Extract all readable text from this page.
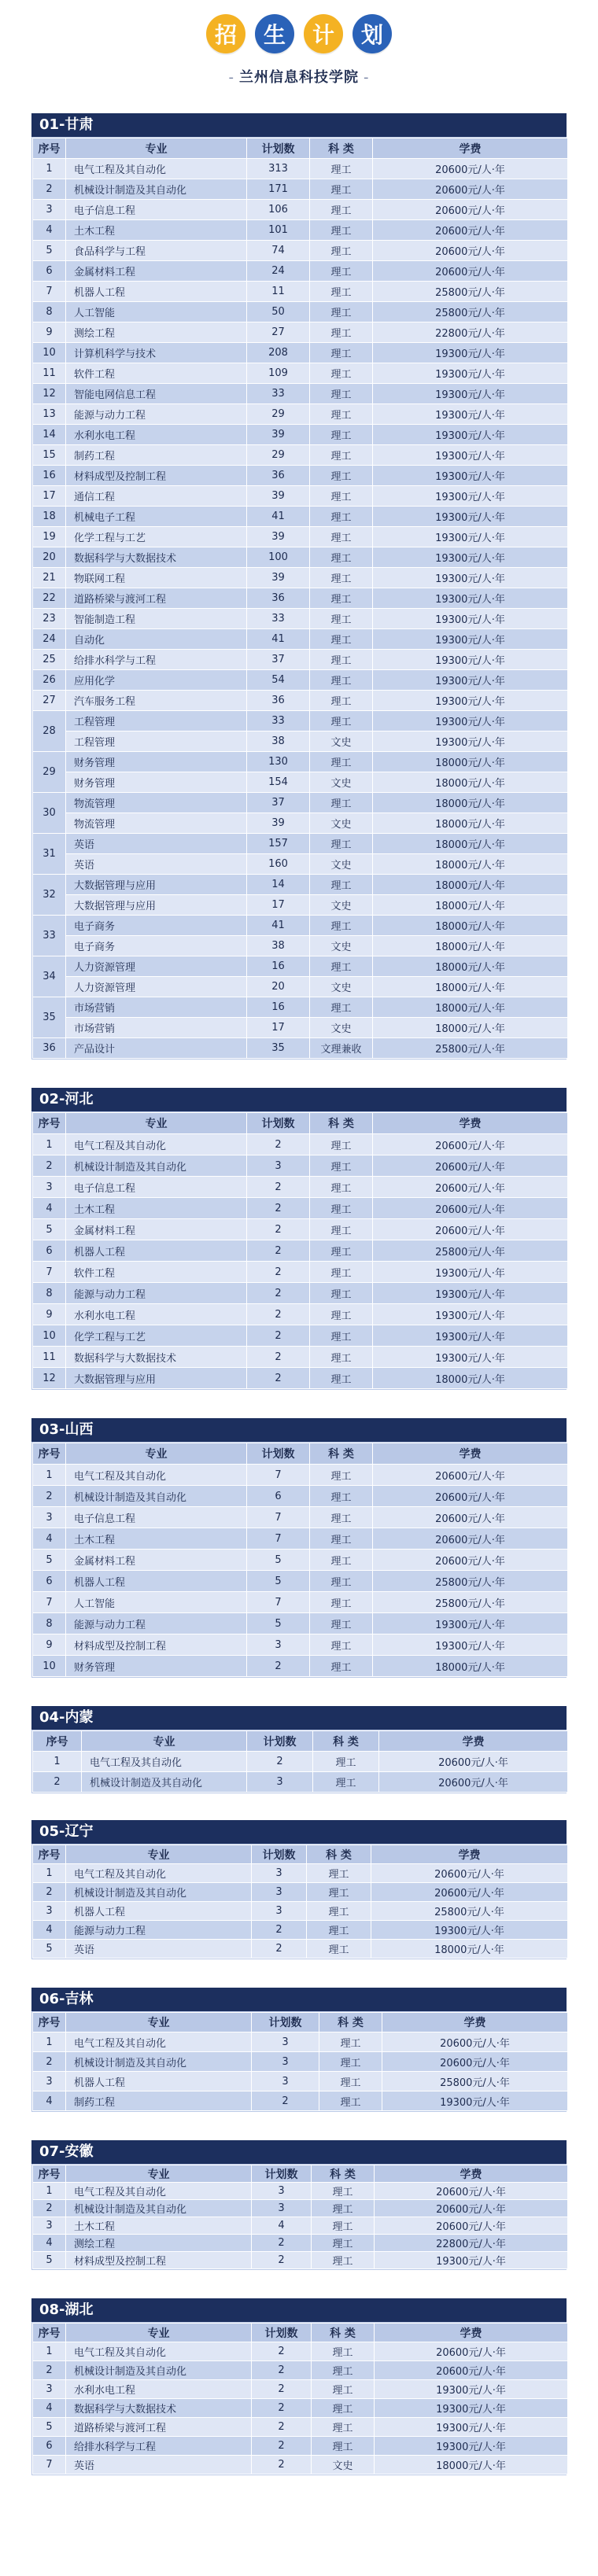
招	生	计	划
- 兰州信息科技学院 -
01-甘肃
序号	专业	计划数	科 类	学费
1	电气工程及其自动化	313	理工	20600元/人·年
2	机械设计制造及其自动化	171	理工	20600元/人·年
3	电子信息工程	106	理工	20600元/人·年
4	土木工程	101	理工	20600元/人·年
5	食品科学与工程	74	理工	20600元/人·年
6	金属材料工程	24	理工	20600元/人·年
7	机器人工程	11	理工	25800元/人·年
8	人工智能	50	理工	25800元/人·年
9	测绘工程	27	理工	22800元/人·年
10	计算机科学与技术	208	理工	19300元/人·年
11	软件工程	109	理工	19300元/人·年
12	智能电网信息工程	33	理工	19300元/人·年
13	能源与动力工程	29	理工	19300元/人·年
14	水利水电工程	39	理工	19300元/人·年
15	制药工程	29	理工	19300元/人·年
16	材料成型及控制工程	36	理工	19300元/人·年
17	通信工程	39	理工	19300元/人·年
18	机械电子工程	41	理工	19300元/人·年
19	化学工程与工艺	39	理工	19300元/人·年
20	数据科学与大数据技术	100	理工	19300元/人·年
21	物联网工程	39	理工	19300元/人·年
22	道路桥梁与渡河工程	36	理工	19300元/人·年
23	智能制造工程	33	理工	19300元/人·年
24	自动化	41	理工	19300元/人·年
25	给排水科学与工程	37	理工	19300元/人·年
26	应用化学	54	理工	19300元/人·年
27	汽车服务工程	36	理工	19300元/人·年
28	工程管理	33	理工	19300元/人·年
	工程管理	38	文史	19300元/人·年
29	财务管理	130	理工	18000元/人·年
	财务管理	154	文史	18000元/人·年
30	物流管理	37	理工	18000元/人·年
	物流管理	39	文史	18000元/人·年
31	英语	157	理工	18000元/人·年
	英语	160	文史	18000元/人·年
32	大数据管理与应用	14	理工	18000元/人·年
	大数据管理与应用	17	文史	18000元/人·年
33	电子商务	41	理工	18000元/人·年
	电子商务	38	文史	18000元/人·年
34	人力资源管理	16	理工	18000元/人·年
	人力资源管理	20	文史	18000元/人·年
35	市场营销	16	理工	18000元/人·年
	市场营销	17	文史	18000元/人·年
36	产品设计	35	文理兼收	25800元/人·年
02-河北
序号	专业	计划数	科 类	学费
1	电气工程及其自动化	2	理工	20600元/人·年
2	机械设计制造及其自动化	3	理工	20600元/人·年
3	电子信息工程	2	理工	20600元/人·年
4	土木工程	2	理工	20600元/人·年
5	金属材料工程	2	理工	20600元/人·年
6	机器人工程	2	理工	25800元/人·年
7	软件工程	2	理工	19300元/人·年
8	能源与动力工程	2	理工	19300元/人·年
9	水利水电工程	2	理工	19300元/人·年
10	化学工程与工艺	2	理工	19300元/人·年
11	数据科学与大数据技术	2	理工	19300元/人·年
12	大数据管理与应用	2	理工	18000元/人·年
03-山西
序号	专业	计划数	科 类	学费
1	电气工程及其自动化	7	理工	20600元/人·年
2	机械设计制造及其自动化	6	理工	20600元/人·年
3	电子信息工程	7	理工	20600元/人·年
4	土木工程	7	理工	20600元/人·年
5	金属材料工程	5	理工	20600元/人·年
6	机器人工程	5	理工	25800元/人·年
7	人工智能	7	理工	25800元/人·年
8	能源与动力工程	5	理工	19300元/人·年
9	材料成型及控制工程	3	理工	19300元/人·年
10	财务管理	2	理工	18000元/人·年
04-内蒙
序号	专业	计划数	科 类	学费
1	电气工程及其自动化	2	理工	20600元/人·年
2	机械设计制造及其自动化	3	理工	20600元/人·年
05-辽宁
序号	专业	计划数	科 类	学费
1	电气工程及其自动化	3	理工	20600元/人·年
2	机械设计制造及其自动化	3	理工	20600元/人·年
3	机器人工程	3	理工	25800元/人·年
4	能源与动力工程	2	理工	19300元/人·年
5	英语	2	理工	18000元/人·年
06-吉林
序号	专业	计划数	科 类	学费
1	电气工程及其自动化	3	理工	20600元/人·年
2	机械设计制造及其自动化	3	理工	20600元/人·年
3	机器人工程	3	理工	25800元/人·年
4	制药工程	2	理工	19300元/人·年
07-安徽
序号	专业	计划数	科 类	学费
1	电气工程及其自动化	3	理工	20600元/人·年
2	机械设计制造及其自动化	3	理工	20600元/人·年
3	土木工程	4	理工	20600元/人·年
4	测绘工程	2	理工	22800元/人·年
5	材料成型及控制工程	2	理工	19300元/人·年
08-湖北
序号	专业	计划数	科 类	学费
1	电气工程及其自动化	2	理工	20600元/人·年
2	机械设计制造及其自动化	2	理工	20600元/人·年
3	水利水电工程	2	理工	19300元/人·年
4	数据科学与大数据技术	2	理工	19300元/人·年
5	道路桥梁与渡河工程	2	理工	19300元/人·年
6	给排水科学与工程	2	理工	19300元/人·年
7	英语	2	文史	18000元/人·年
